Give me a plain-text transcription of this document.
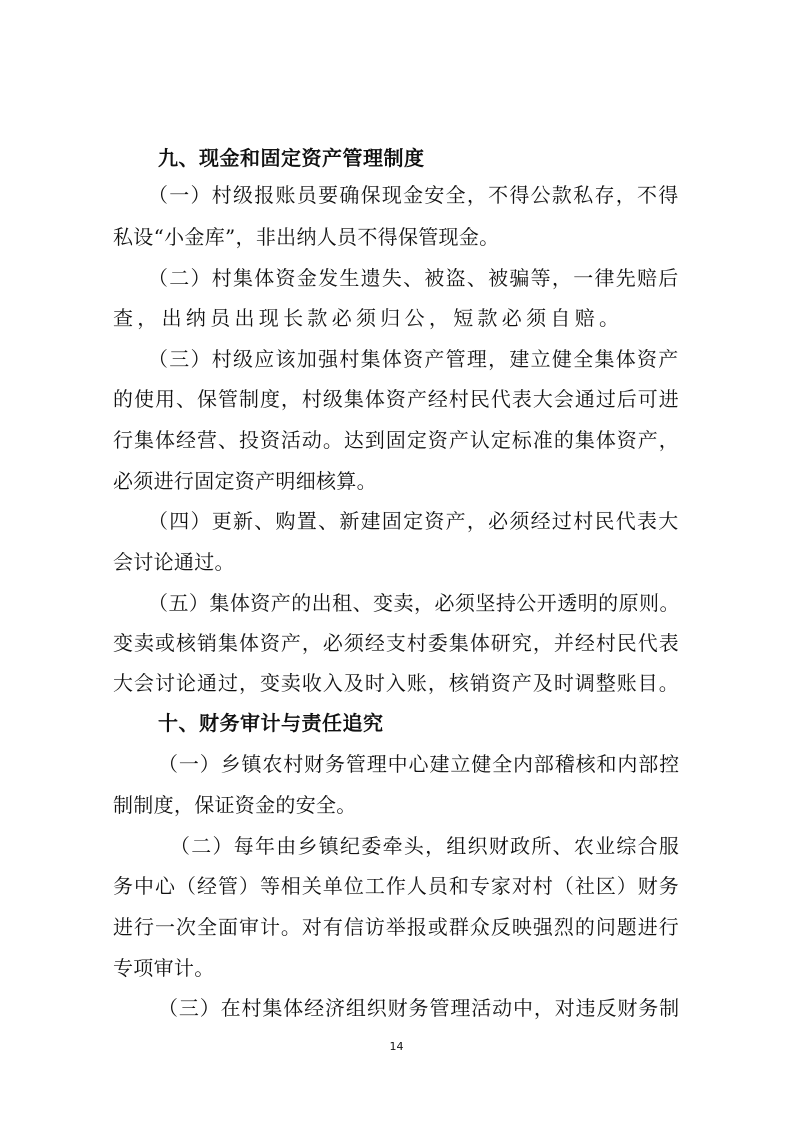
九、现金和固定资产管理制度
（一）村级报账员要确保现金安全，不得公款私存，不得
私设“小金库”，非出纳人员不得保管现金。
（二）村集体资金发生遗失、被盗、被骗等，一律先赔后
查，出纳员出现长款必须归公，短款必须自赔。
（三）村级应该加强村集体资产管理，建立健全集体资产
的使用、保管制度，村级集体资产经村民代表大会通过后可进
行集体经营、投资活动。达到固定资产认定标准的集体资产，
必须进行固定资产明细核算。
（四）更新、购置、新建固定资产，必须经过村民代表大
会讨论通过。
（五）集体资产的出租、变卖，必须坚持公开透明的原则。
变卖或核销集体资产，必须经支村委集体研究，并经村民代表
大会讨论通过，变卖收入及时入账，核销资产及时调整账目。
十、财务审计与责任追究
（一）乡镇农村财务管理中心建立健全内部稽核和内部控
制制度，保证资金的安全。
（二）每年由乡镇纪委牵头，组织财政所、农业综合服
务中心（经管）等相关单位工作人员和专家对村（社区）财务
进行一次全面审计。对有信访举报或群众反映强烈的问题进行
专项审计。
（三）在村集体经济组织财务管理活动中，对违反财务制
14
